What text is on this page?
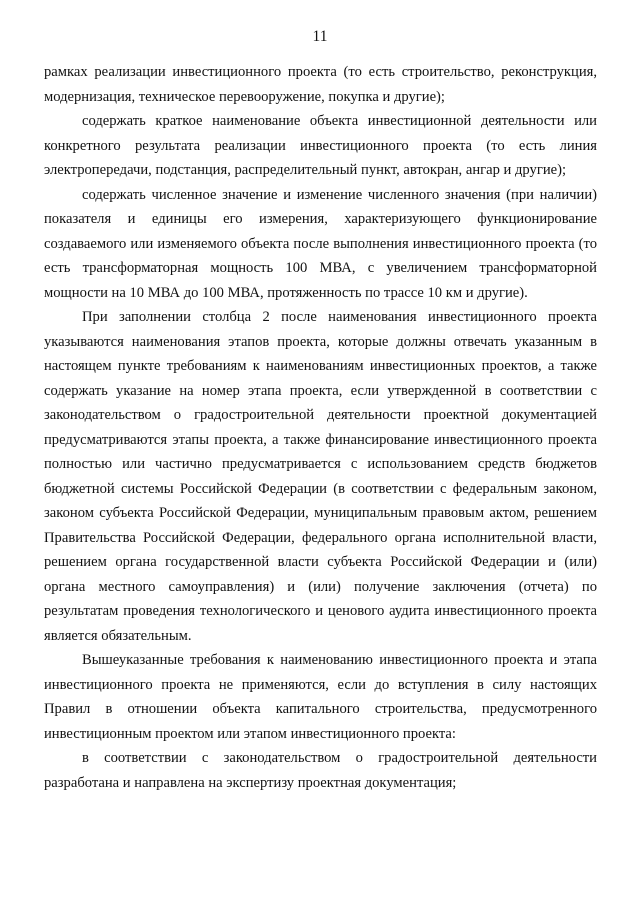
11

рамках реализации инвестиционного проекта (то есть строительство, реконструкция, модернизация, техническое перевооружение, покупка и другие);

содержать краткое наименование объекта инвестиционной деятельности или конкретного результата реализации инвестиционного проекта (то есть линия электропередачи, подстанция, распределительный пункт, автокран, ангар и другие);

содержать численное значение и изменение численного значения (при наличии) показателя и единицы его измерения, характеризующего функционирование создаваемого или изменяемого объекта после выполнения инвестиционного проекта (то есть трансформаторная мощность 100 МВА, с увеличением трансформаторной мощности на 10 МВА до 100 МВА, протяженность по трассе 10 км и другие).

При заполнении столбца 2 после наименования инвестиционного проекта указываются наименования этапов проекта, которые должны отвечать указанным в настоящем пункте требованиям к наименованиям инвестиционных проектов, а также содержать указание на номер этапа проекта, если утвержденной в соответствии с законодательством о градостроительной деятельности проектной документацией предусматриваются этапы проекта, а также финансирование инвестиционного проекта полностью или частично предусматривается с использованием средств бюджетов бюджетной системы Российской Федерации (в соответствии с федеральным законом, законом субъекта Российской Федерации, муниципальным правовым актом, решением Правительства Российской Федерации, федерального органа исполнительной власти, решением органа государственной власти субъекта Российской Федерации и (или) органа местного самоуправления) и (или) получение заключения (отчета) по результатам проведения технологического и ценового аудита инвестиционного проекта является обязательным.

Вышеуказанные требования к наименованию инвестиционного проекта и этапа инвестиционного проекта не применяются, если до вступления в силу настоящих Правил в отношении объекта капитального строительства, предусмотренного инвестиционным проектом или этапом инвестиционного проекта:

в соответствии с законодательством о градостроительной деятельности разработана и направлена на экспертизу проектная документация;
